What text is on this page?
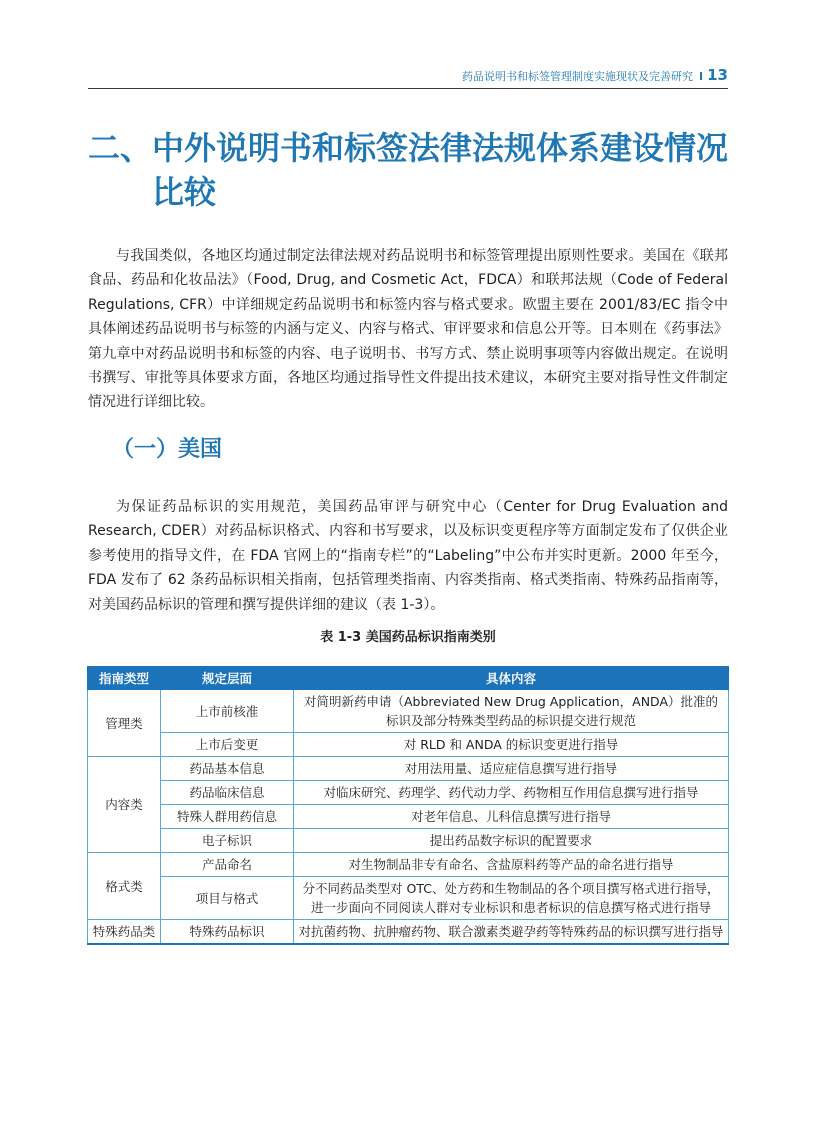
药品说明书和标签管理制度实施现状及完善研究 I 13
二、中外说明书和标签法律法规体系建设情况
比较

与我国类似，各地区均通过制定法律法规对药品说明书和标签管理提出原则性要求。美国在《联邦食品、药品和化妆品法》（Food, Drug, and Cosmetic Act，FDCA）和联邦法规（Code of Federal Regulations, CFR）中详细规定药品说明书和标签内容与格式要求。欧盟主要在 2001/83/EC 指令中具体阐述药品说明书与标签的内涵与定义、内容与格式、审评要求和信息公开等。日本则在《药事法》第九章中对药品说明书和标签的内容、电子说明书、书写方式、禁止说明事项等内容做出规定。在说明书撰写、审批等具体要求方面，各地区均通过指导性文件提出技术建议，本研究主要对指导性文件制定情况进行详细比较。

（一）美国

为保证药品标识的实用规范，美国药品审评与研究中心（Center for Drug Evaluation and Research, CDER）对药品标识格式、内容和书写要求，以及标识变更程序等方面制定发布了仅供企业参考使用的指导文件，在 FDA 官网上的“指南专栏”的“Labeling”中公布并实时更新。2000 年至今，FDA 发布了 62 条药品标识相关指南，包括管理类指南、内容类指南、格式类指南、特殊药品指南等，对美国药品标识的管理和撰写提供详细的建议（表 1-3）。

表 1-3 美国药品标识指南类别
指南类型	规定层面	具体内容
管理类	上市前核准	对简明新药申请（Abbreviated New Drug Application，ANDA）批准的标识及部分特殊类型药品的标识提交进行规范
	上市后变更	对 RLD 和 ANDA 的标识变更进行指导
内容类	药品基本信息	对用法用量、适应症信息撰写进行指导
	药品临床信息	对临床研究、药理学、药代动力学、药物相互作用信息撰写进行指导
	特殊人群用药信息	对老年信息、儿科信息撰写进行指导
	电子标识	提出药品数字标识的配置要求
格式类	产品命名	对生物制品非专有命名、含盐原料药等产品的命名进行指导
	项目与格式	分不同药品类型对 OTC、处方药和生物制品的各个项目撰写格式进行指导，进一步面向不同阅读人群对专业标识和患者标识的信息撰写格式进行指导
特殊药品类	特殊药品标识	对抗菌药物、抗肿瘤药物、联合激素类避孕药等特殊药品的标识撰写进行指导
